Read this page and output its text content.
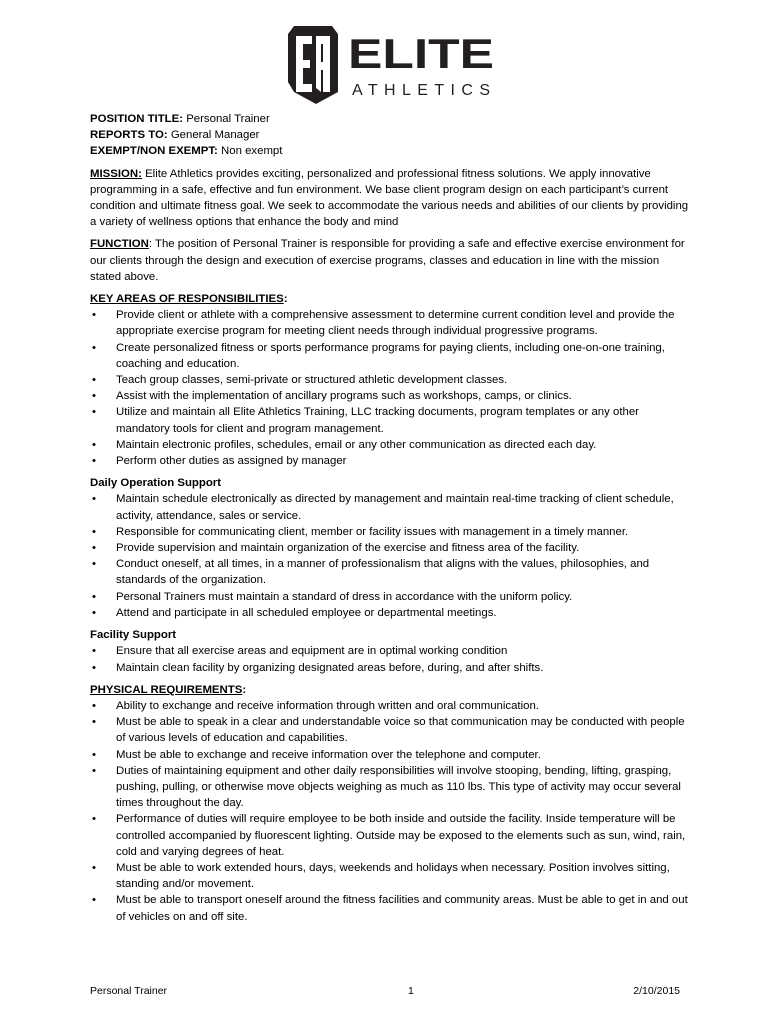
ELITE
ATHLETICS

POSITION TITLE: Personal Trainer

REPORTS TO: General Manager

EXEMPT/NON EXEMPT: Non exempt

MISSION: Elite Athletics provides exciting, personalized and professional fitness solutions. We apply innovative programming in a safe, effective and fun environment. We base client program design on each participant’s current condition and ultimate fitness goal. We seek to accommodate the various needs and abilities of our clients by providing a variety of wellness options that enhance the body and mind

FUNCTION: The position of Personal Trainer is responsible for providing a safe and effective exercise environment for our clients through the design and execution of exercise programs, classes and education in line with the mission stated above.

KEY AREAS OF RESPONSIBILITIES:

• Provide client or athlete with a comprehensive assessment to determine current condition level and provide the appropriate exercise program for meeting client needs through individual progressive programs.
• Create personalized fitness or sports performance programs for paying clients, including one-on-one training, coaching and education.
• Teach group classes, semi-private or structured athletic development classes.
• Assist with the implementation of ancillary programs such as workshops, camps, or clinics.
• Utilize and maintain all Elite Athletics Training, LLC tracking documents, program templates or any other mandatory tools for client and program management.
• Maintain electronic profiles, schedules, email or any other communication as directed each day.
• Perform other duties as assigned by manager

Daily Operation Support

• Maintain schedule electronically as directed by management and maintain real-time tracking of client schedule, activity, attendance, sales or service.
• Responsible for communicating client, member or facility issues with management in a timely manner.
• Provide supervision and maintain organization of the exercise and fitness area of the facility.
• Conduct oneself, at all times, in a manner of professionalism that aligns with the values, philosophies, and standards of the organization.
• Personal Trainers must maintain a standard of dress in accordance with the uniform policy.
• Attend and participate in all scheduled employee or departmental meetings.

Facility Support

• Ensure that all exercise areas and equipment are in optimal working condition
• Maintain clean facility by organizing designated areas before, during, and after shifts.

PHYSICAL REQUIREMENTS:

• Ability to exchange and receive information through written and oral communication.
• Must be able to speak in a clear and understandable voice so that communication may be conducted with people of various levels of education and capabilities.
• Must be able to exchange and receive information over the telephone and computer.
• Duties of maintaining equipment and other daily responsibilities will involve stooping, bending, lifting, grasping, pushing, pulling, or otherwise move objects weighing as much as 110 lbs. This type of activity may occur several times throughout the day.
• Performance of duties will require employee to be both inside and outside the facility. Inside temperature will be controlled accompanied by fluorescent lighting. Outside may be exposed to the elements such as sun, wind, rain, cold and varying degrees of heat.
• Must be able to work extended hours, days, weekends and holidays when necessary. Position involves sitting, standing and/or movement.
• Must be able to transport oneself around the fitness facilities and community areas. Must be able to get in and out of vehicles on and off site.
Personal Trainer	1	2/10/2015
